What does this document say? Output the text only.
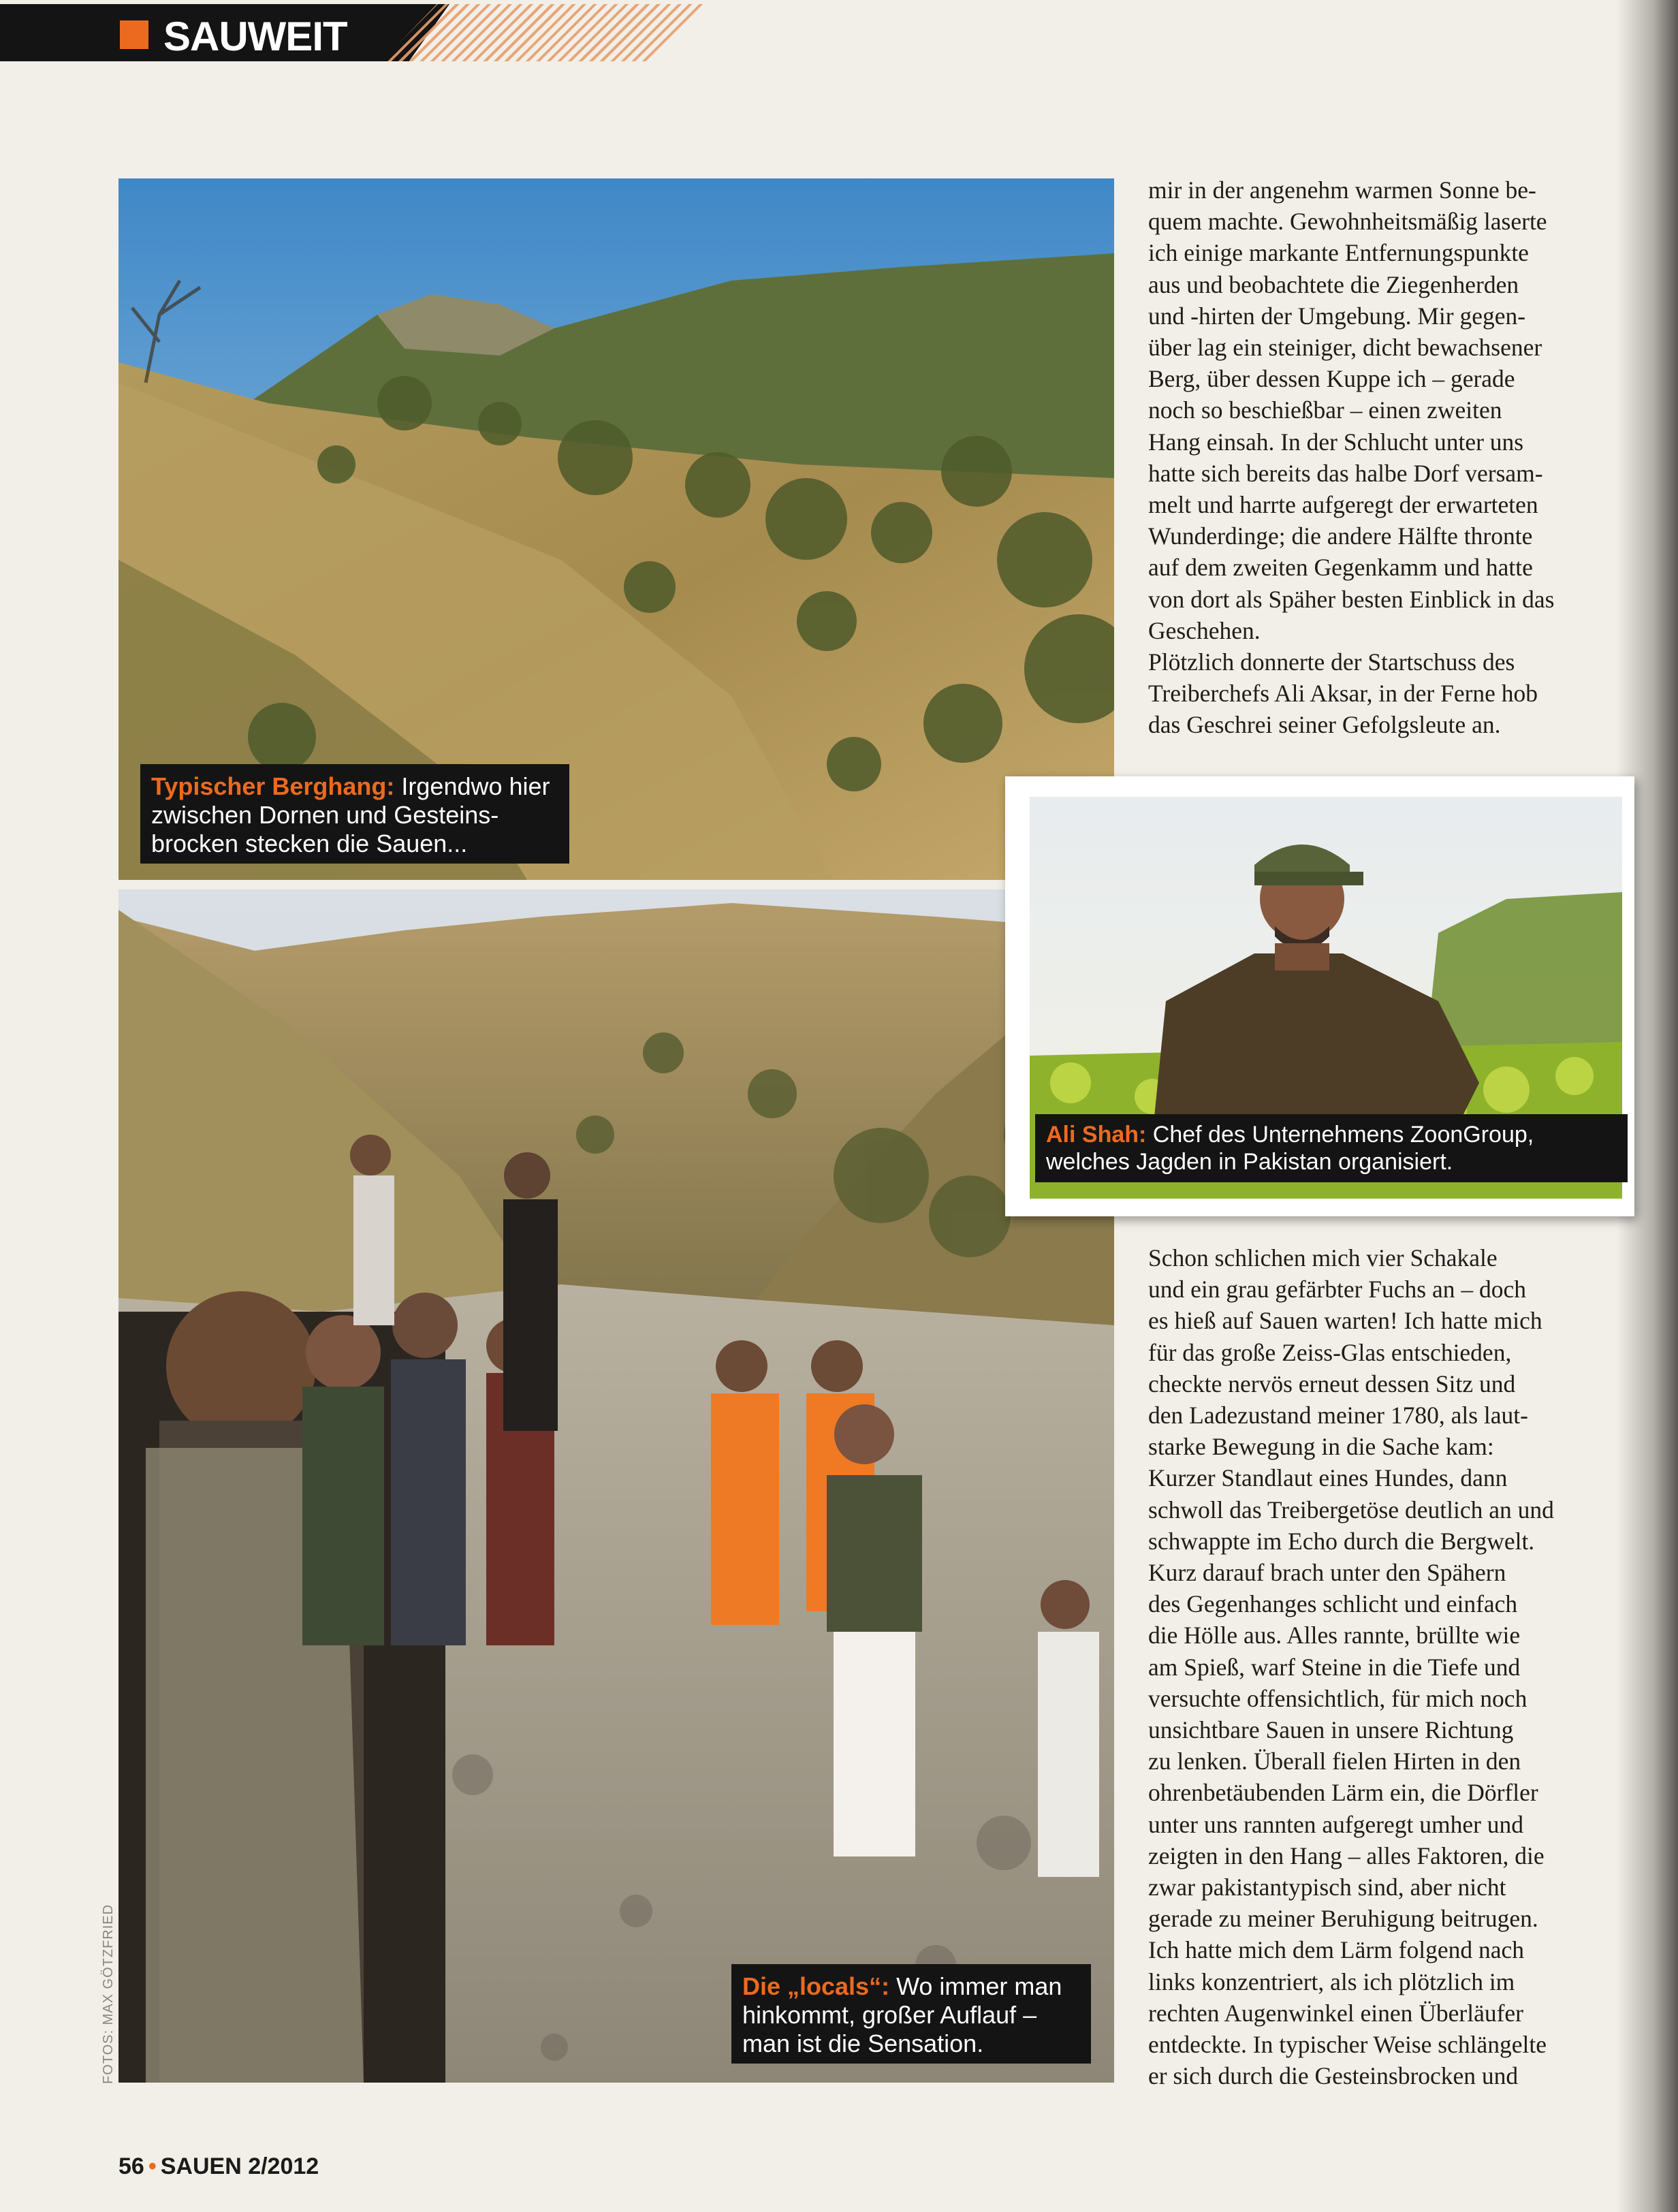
SAUWEIT
Typischer Berghang: Irgendwo hier
zwischen Dornen und Gesteins-
brocken stecken die Sauen...
Die „locals“: Wo immer man
hinkommt, großer Auflauf –
man ist die Sensation.
Ali Shah: Chef des Unternehmens ZoonGroup,
welches Jagden in Pakistan organisiert.
mir in der angenehm warmen Sonne be-
quem machte. Gewohnheitsmäßig laserte
ich einige markante Entfernungspunkte
aus und beobachtete die Ziegenherden
und -hirten der Umgebung. Mir gegen-
über lag ein steiniger, dicht bewachsener
Berg, über dessen Kuppe ich – gerade
noch so beschießbar – einen zweiten
Hang einsah. In der Schlucht unter uns
hatte sich bereits das halbe Dorf versam-
melt und harrte aufgeregt der erwarteten
Wunderdinge; die andere Hälfte thronte
auf dem zweiten Gegenkamm und hatte
von dort als Späher besten Einblick in das
Geschehen.
Plötzlich donnerte der Startschuss des
Treiberchefs Ali Aksar, in der Ferne hob
das Geschrei seiner Gefolgsleute an.
Schon schlichen mich vier Schakale
und ein grau gefärbter Fuchs an – doch
es hieß auf Sauen warten! Ich hatte mich
für das große Zeiss-Glas entschieden,
checkte nervös erneut dessen Sitz und
den Ladezustand meiner 1780, als laut-
starke Bewegung in die Sache kam:
Kurzer Standlaut eines Hundes, dann
schwoll das Treibergetöse deutlich an und
schwappte im Echo durch die Bergwelt.
Kurz darauf brach unter den Spähern
des Gegenhanges schlicht und einfach
die Hölle aus. Alles rannte, brüllte wie
am Spieß, warf Steine in die Tiefe und
versuchte offensichtlich, für mich noch
unsichtbare Sauen in unsere Richtung
zu lenken. Überall fielen Hirten in den
ohrenbetäubenden Lärm ein, die Dörfler
unter uns rannten aufgeregt umher und
zeigten in den Hang – alles Faktoren, die
zwar pakistantypisch sind, aber nicht
gerade zu meiner Beruhigung beitrugen.
Ich hatte mich dem Lärm folgend nach
links konzentriert, als ich plötzlich im
rechten Augenwinkel einen Überläufer
entdeckte. In typischer Weise schlängelte
er sich durch die Gesteinsbrocken und
FOTOS: MAX GÖTZFRIED
56 • SAUEN 2/2012
